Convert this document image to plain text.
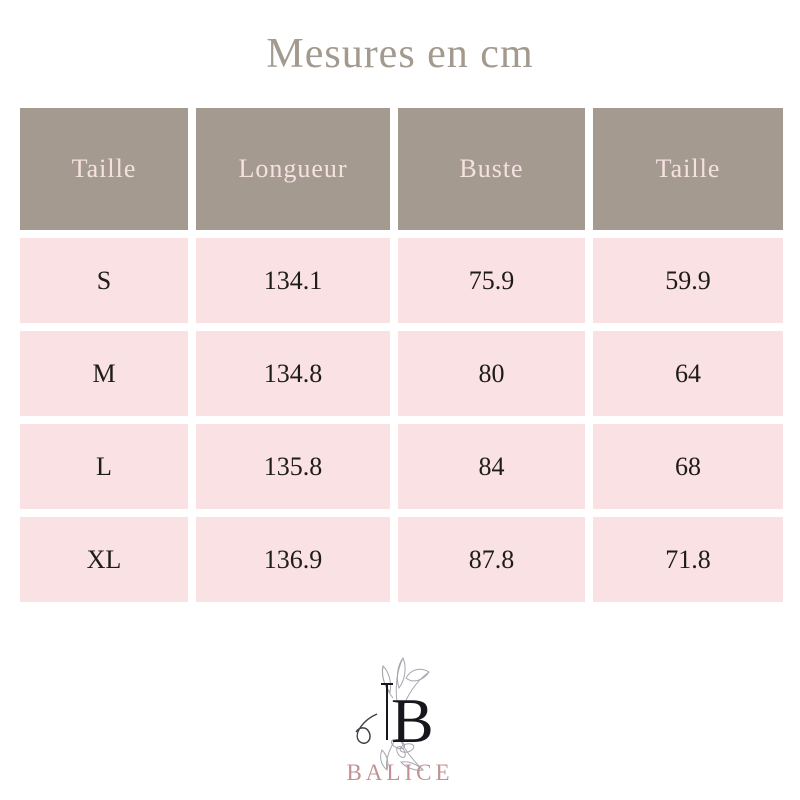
Mesures en cm
Taille	Longueur	Buste	Taille
S	134.1	75.9	59.9
M	134.8	80	64
L	135.8	84	68
XL	136.9	87.8	71.8
B
BALICE
